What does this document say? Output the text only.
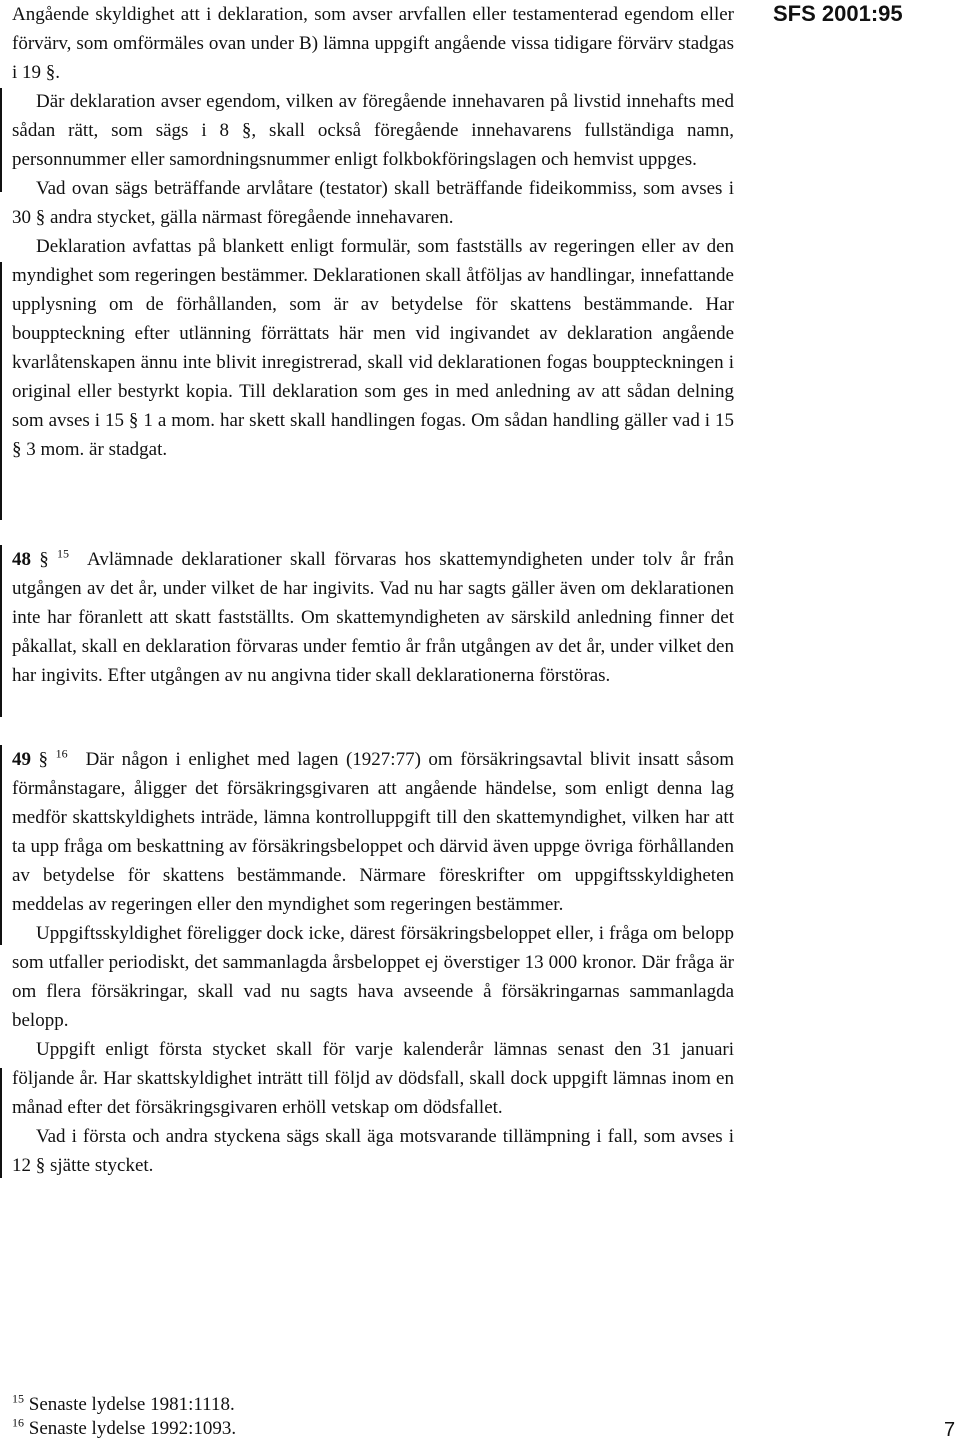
SFS 2001:95

Angående skyldighet att i deklaration, som avser arvfallen eller testamenterad egendom eller förvärv, som omförmäles ovan under B) lämna uppgift angående vissa tidigare förvärv stadgas i 19 §.

Där deklaration avser egendom, vilken av föregående innehavaren på livstid innehafts med sådan rätt, som sägs i 8 §, skall också föregående innehavarens fullständiga namn, personnummer eller samordningsnummer enligt folkbokföringslagen och hemvist uppges.

Vad ovan sägs beträffande arvlåtare (testator) skall beträffande fideikommiss, som avses i 30 § andra stycket, gälla närmast föregående innehavaren.

Deklaration avfattas på blankett enligt formulär, som fastställs av regeringen eller av den myndighet som regeringen bestämmer. Deklarationen skall åtföljas av handlingar, innefattande upplysning om de förhållanden, som är av betydelse för skattens bestämmande. Har bouppteckning efter utlänning förrättats här men vid ingivandet av deklaration angående kvarlåtenskapen ännu inte blivit inregistrerad, skall vid deklarationen fogas bouppteckningen i original eller bestyrkt kopia. Till deklaration som ges in med anledning av att sådan delning som avses i 15 § 1 a mom. har skett skall handlingen fogas. Om sådan handling gäller vad i 15 § 3 mom. är stadgat.

48 § $^{15}$ Avlämnade deklarationer skall förvaras hos skattemyndigheten under tolv år från utgången av det år, under vilket de har ingivits. Vad nu har sagts gäller även om deklarationen inte har föranlett att skatt fastställts. Om skattemyndigheten av särskild anledning finner det påkallat, skall en deklaration förvaras under femtio år från utgången av det år, under vilket den har ingivits. Efter utgången av nu angivna tider skall deklarationerna förstöras.

49 § $^{16}$ Där någon i enlighet med lagen (1927:77) om försäkringsavtal blivit insatt såsom förmånstagare, åligger det försäkringsgivaren att angående händelse, som enligt denna lag medför skattskyldighets inträde, lämna kontrolluppgift till den skattemyndighet, vilken har att ta upp fråga om beskattning av försäkringsbeloppet och därvid även uppge övriga förhållanden av betydelse för skattens bestämmande. Närmare föreskrifter om uppgiftsskyldigheten meddelas av regeringen eller den myndighet som regeringen bestämmer.

Uppgiftsskyldighet föreligger dock icke, därest försäkringsbeloppet eller, i fråga om belopp som utfaller periodiskt, det sammanlagda årsbeloppet ej överstiger 13 000 kronor. Där fråga är om flera försäkringar, skall vad nu sagts hava avseende å försäkringarnas sammanlagda belopp.

Uppgift enligt första stycket skall för varje kalenderår lämnas senast den 31 januari följande år. Har skattskyldighet inträtt till följd av dödsfall, skall dock uppgift lämnas inom en månad efter det försäkringsgivaren erhöll vetskap om dödsfallet.

Vad i första och andra styckena sägs skall äga motsvarande tillämpning i fall, som avses i 12 § sjätte stycket.

$^{15}$ Senaste lydelse 1981:1118.
$^{16}$ Senaste lydelse 1992:1093.	7
